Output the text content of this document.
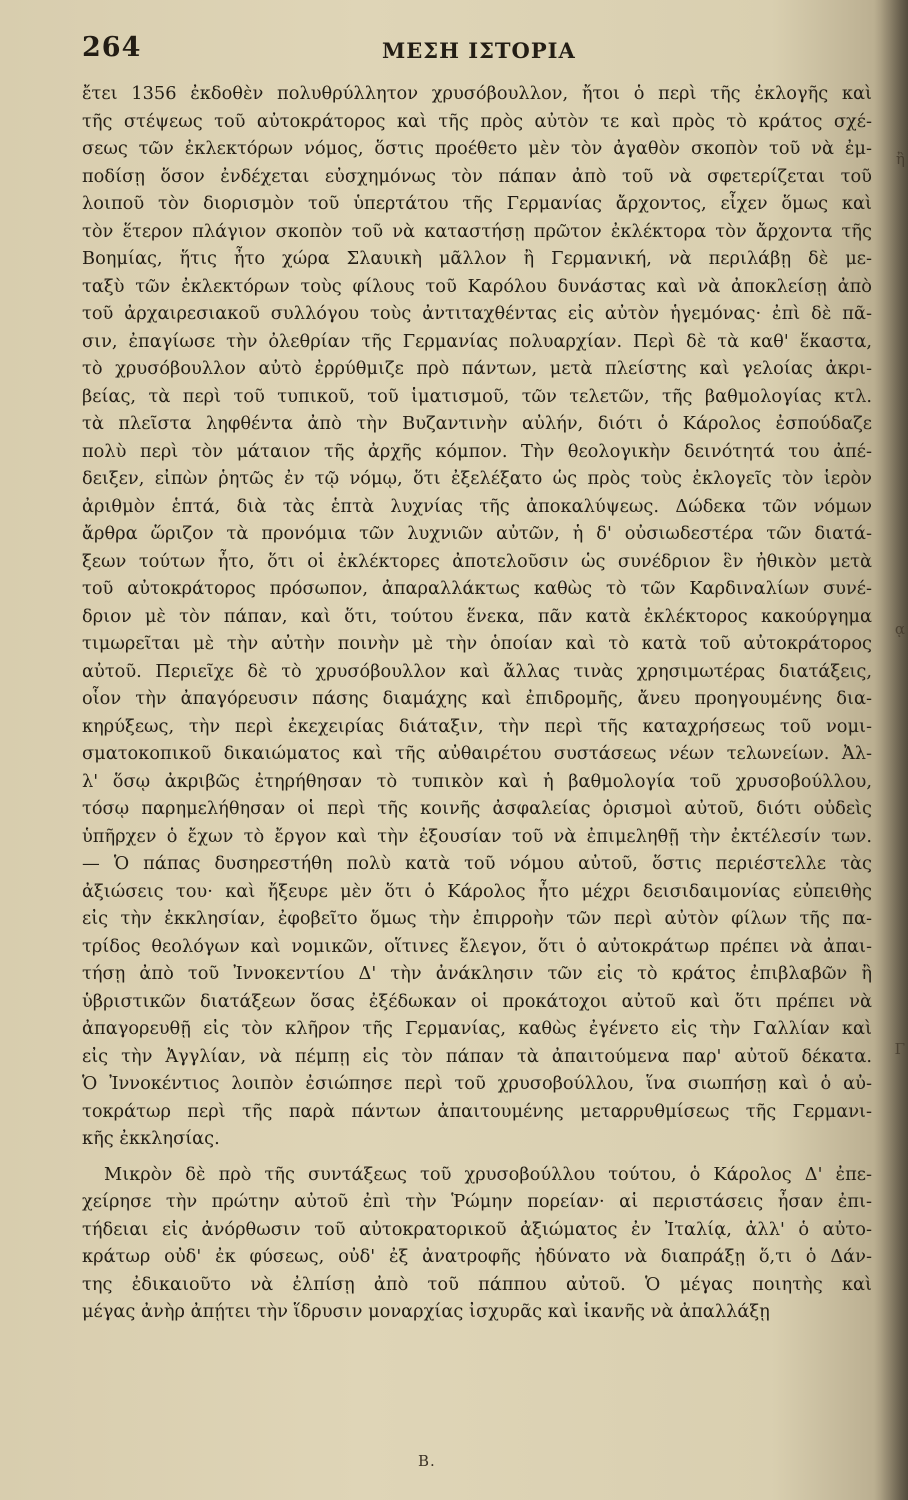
ἢ
ᾳ
Γ
264	ΜΕΣΗ ΙΣΤΟΡΙΑ
ἔτει 1356 ἐκδοθὲν πολυθρύλλητον χρυσόβουλλον, ἤτοι ὁ περὶ τῆς ἐκλογῆς καὶ
τῆς στέψεως τοῦ αὐτοκράτορος καὶ τῆς πρὸς αὐτὸν τε καὶ πρὸς τὸ κράτος σχέ-
σεως τῶν ἐκλεκτόρων νόμος, ὅστις προέθετο μὲν τὸν ἀγαθὸν σκοπὸν τοῦ νὰ ἐμ-
ποδίσῃ ὅσον ἐνδέχεται εὐσχημόνως τὸν πάπαν ἀπὸ τοῦ νὰ σφετερίζεται τοῦ
λοιποῦ τὸν διορισμὸν τοῦ ὑπερτάτου τῆς Γερμανίας ἄρχοντος, εἶχεν ὅμως καὶ
τὸν ἕτερον πλάγιον σκοπὸν τοῦ νὰ καταστήσῃ πρῶτον ἐκλέκτορα τὸν ἄρχοντα τῆς
Βοημίας, ἥτις ἦτο χώρα Σλαυικὴ μᾶλλον ἢ Γερμανική, νὰ περιλάβῃ δὲ με-
ταξὺ τῶν ἐκλεκτόρων τοὺς φίλους τοῦ Καρόλου δυνάστας καὶ νὰ ἀποκλείσῃ ἀπὸ
τοῦ ἀρχαιρεσιακοῦ συλλόγου τοὺς ἀντιταχθέντας εἰς αὐτὸν ἡγεμόνας· ἐπὶ δὲ πᾶ-
σιν, ἐπαγίωσε τὴν ὀλεθρίαν τῆς Γερμανίας πολυαρχίαν. Περὶ δὲ τὰ καθ' ἕκαστα,
τὸ χρυσόβουλλον αὐτὸ ἐρρύθμιζε πρὸ πάντων, μετὰ πλείστης καὶ γελοίας ἀκρι-
βείας, τὰ περὶ τοῦ τυπικοῦ, τοῦ ἱματισμοῦ, τῶν τελετῶν, τῆς βαθμολογίας κτλ.
τὰ πλεῖστα ληφθέντα ἀπὸ τὴν Βυζαντινὴν αὐλήν, διότι ὁ Κάρολος ἐσπούδαζε
πολὺ περὶ τὸν μάταιον τῆς ἀρχῆς κόμπον. Τὴν θεολογικὴν δεινότητά του ἀπέ-
δειξεν, εἰπὼν ῥητῶς ἐν τῷ νόμῳ, ὅτι ἐξελέξατο ὡς πρὸς τοὺς ἐκλογεῖς τὸν ἱερὸν
ἀριθμὸν ἑπτά, διὰ τὰς ἑπτὰ λυχνίας τῆς ἀποκαλύψεως. Δώδεκα τῶν νόμων
ἄρθρα ὥριζον τὰ προνόμια τῶν λυχνιῶν αὐτῶν, ἡ δ' οὐσιωδεστέρα τῶν διατά-
ξεων τούτων ἦτο, ὅτι οἱ ἐκλέκτορες ἀποτελοῦσιν ὡς συνέδριον ἓν ἠθικὸν μετὰ
τοῦ αὐτοκράτορος πρόσωπον, ἀπαραλλάκτως καθὼς τὸ τῶν Καρδιναλίων συνέ-
δριον μὲ τὸν πάπαν, καὶ ὅτι, τούτου ἕνεκα, πᾶν κατὰ ἐκλέκτορος κακούργημα
τιμωρεῖται μὲ τὴν αὐτὴν ποινὴν μὲ τὴν ὁποίαν καὶ τὸ κατὰ τοῦ αὐτοκράτορος
αὐτοῦ. Περιεῖχε δὲ τὸ χρυσόβουλλον καὶ ἄλλας τινὰς χρησιμωτέρας διατάξεις,
οἷον τὴν ἀπαγόρευσιν πάσης διαμάχης καὶ ἐπιδρομῆς, ἄνευ προηγουμένης δια-
κηρύξεως, τὴν περὶ ἐκεχειρίας διάταξιν, τὴν περὶ τῆς καταχρήσεως τοῦ νομι-
σματοκοπικοῦ δικαιώματος καὶ τῆς αὐθαιρέτου συστάσεως νέων τελωνείων. Ἀλ-
λ' ὅσῳ ἀκριβῶς ἐτηρήθησαν τὸ τυπικὸν καὶ ἡ βαθμολογία τοῦ χρυσοβούλλου,
τόσῳ παρημελήθησαν οἱ περὶ τῆς κοινῆς ἀσφαλείας ὁρισμοὶ αὐτοῦ, διότι οὐδεὶς
ὑπῆρχεν ὁ ἔχων τὸ ἔργον καὶ τὴν ἐξουσίαν τοῦ νὰ ἐπιμεληθῇ τὴν ἐκτέλεσίν των.
— Ὁ πάπας δυσηρεστήθη πολὺ κατὰ τοῦ νόμου αὐτοῦ, ὅστις περιέστελλε τὰς
ἀξιώσεις του· καὶ ἤξευρε μὲν ὅτι ὁ Κάρολος ἦτο μέχρι δεισιδαιμονίας εὐπειθὴς
εἰς τὴν ἐκκλησίαν, ἐφοβεῖτο ὅμως τὴν ἐπιρροὴν τῶν περὶ αὐτὸν φίλων τῆς πα-
τρίδος θεολόγων καὶ νομικῶν, οἵτινες ἔλεγον, ὅτι ὁ αὐτοκράτωρ πρέπει νὰ ἀπαι-
τήσῃ ἀπὸ τοῦ Ἰννοκεντίου Δ' τὴν ἀνάκλησιν τῶν εἰς τὸ κράτος ἐπιβλαβῶν ἢ
ὑβριστικῶν διατάξεων ὅσας ἐξέδωκαν οἱ προκάτοχοι αὐτοῦ καὶ ὅτι πρέπει νὰ
ἀπαγορευθῇ εἰς τὸν κλῆρον τῆς Γερμανίας, καθὼς ἐγένετο εἰς τὴν Γαλλίαν καὶ
εἰς τὴν Ἀγγλίαν, νὰ πέμπῃ εἰς τὸν πάπαν τὰ ἀπαιτούμενα παρ' αὐτοῦ δέκατα.
Ὁ Ἰννοκέντιος λοιπὸν ἐσιώπησε περὶ τοῦ χρυσοβούλλου, ἵνα σιωπήσῃ καὶ ὁ αὐ-
τοκράτωρ περὶ τῆς παρὰ πάντων ἀπαιτουμένης μεταρρυθμίσεως τῆς Γερμανι-
κῆς ἐκκλησίας.
Μικρὸν δὲ πρὸ τῆς συντάξεως τοῦ χρυσοβούλλου τούτου, ὁ Κάρολος Δ' ἐπε-
χείρησε τὴν πρώτην αὐτοῦ ἐπὶ τὴν Ῥώμην πορείαν· αἱ περιστάσεις ἦσαν ἐπι-
τήδειαι εἰς ἀνόρθωσιν τοῦ αὐτοκρατορικοῦ ἀξιώματος ἐν Ἰταλίᾳ, ἀλλ' ὁ αὐτο-
κράτωρ οὐδ' ἐκ φύσεως, οὐδ' ἐξ ἀνατροφῆς ἠδύνατο νὰ διαπράξῃ ὅ,τι ὁ Δάν-
της ἐδικαιοῦτο νὰ ἐλπίσῃ ἀπὸ τοῦ πάππου αὐτοῦ. Ὁ μέγας ποιητὴς καὶ
μέγας ἀνὴρ ἀπῄτει τὴν ἵδρυσιν μοναρχίας ἰσχυρᾶς καὶ ἱκανῆς νὰ ἀπαλλάξῃ
Β.
